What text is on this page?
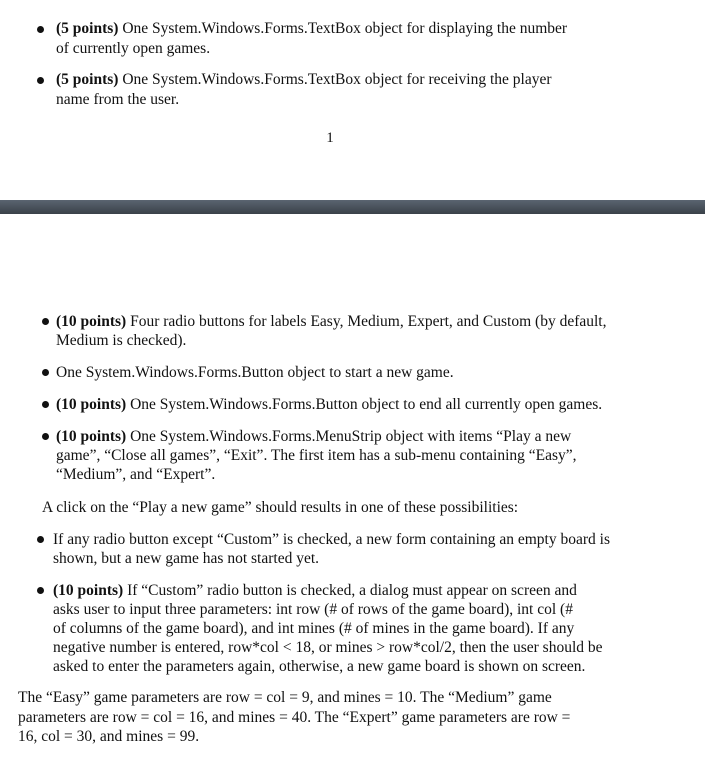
(5 points) One System.Windows.Forms.TextBox object for displaying the number
of currently open games.
(5 points) One System.Windows.Forms.TextBox object for receiving the player
name from the user.
1
(10 points) Four radio buttons for labels Easy, Medium, Expert, and Custom (by default,
Medium is checked).
One System.Windows.Forms.Button object to start a new game.
(10 points) One System.Windows.Forms.Button object to end all currently open games.
(10 points) One System.Windows.Forms.MenuStrip object with items “Play a new
game”, “Close all games”, “Exit”. The first item has a sub-menu containing “Easy”,
“Medium”, and “Expert”.
A click on the “Play a new game” should results in one of these possibilities:
If any radio button except “Custom” is checked, a new form containing an empty board is
shown, but a new game has not started yet.
(10 points) If “Custom” radio button is checked, a dialog must appear on screen and
asks user to input three parameters: int row (# of rows of the game board), int col (#
of columns of the game board), and int mines (# of mines in the game board). If any
negative number is entered, row*col < 18, or mines > row*col/2, then the user should be
asked to enter the parameters again, otherwise, a new game board is shown on screen.
The “Easy” game parameters are row = col = 9, and mines = 10. The “Medium” game
parameters are row = col = 16, and mines = 40. The “Expert” game parameters are row =
16, col = 30, and mines = 99.
